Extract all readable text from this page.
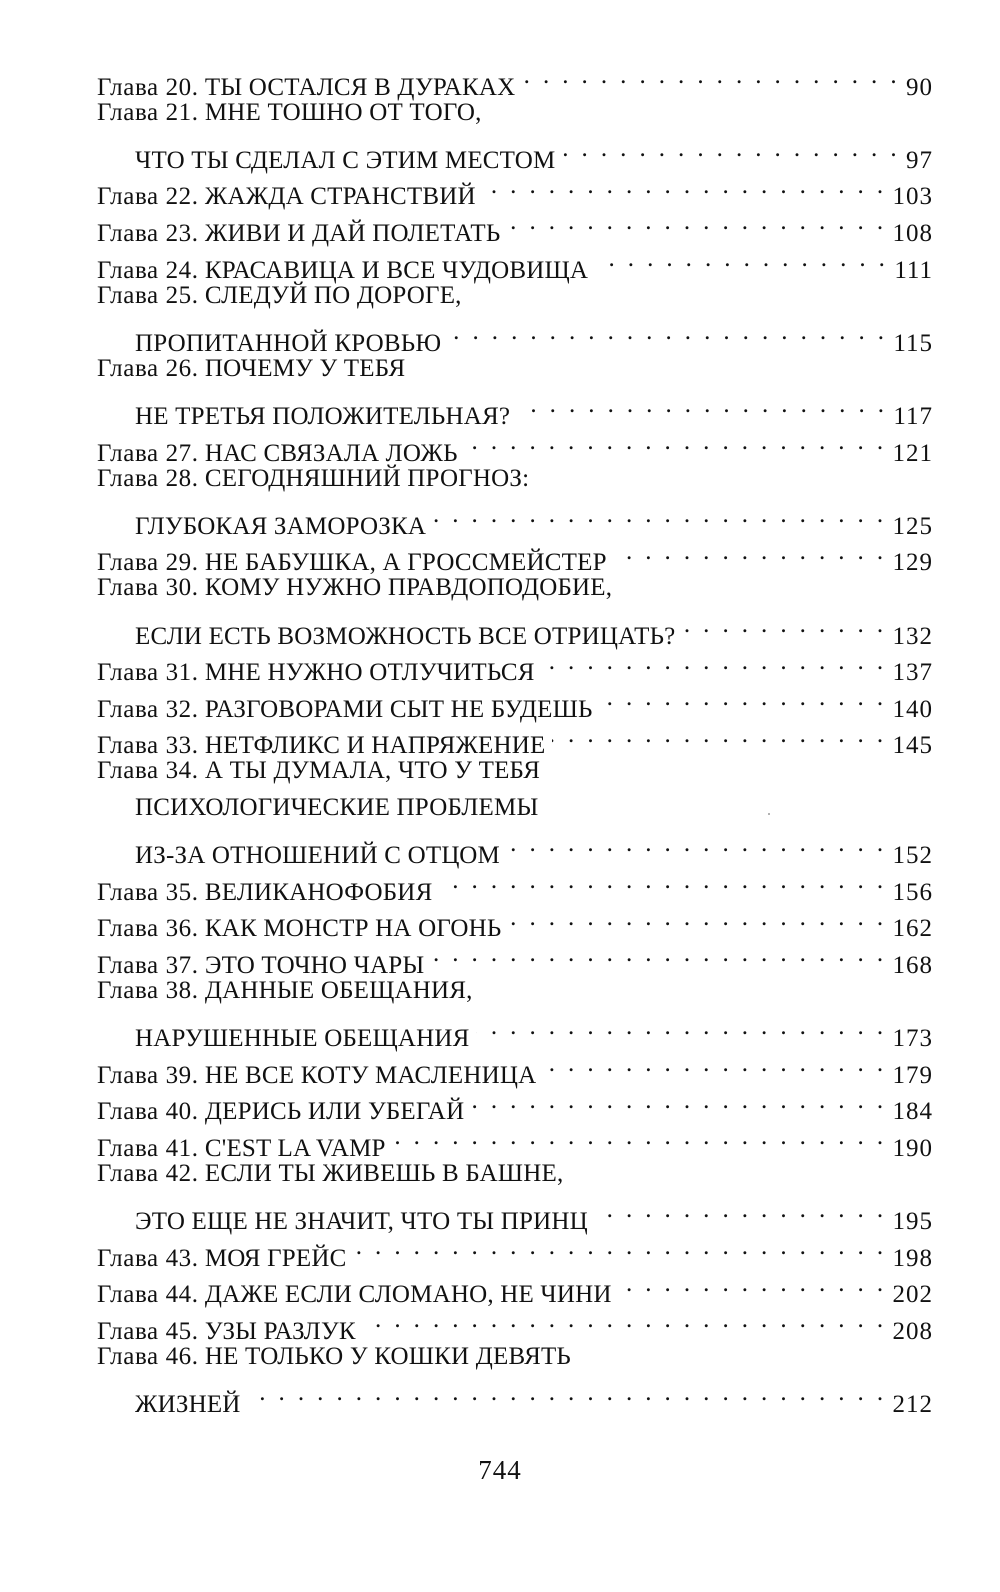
Глава 20.
ТЫ ОСТАЛСЯ В ДУРАКАХ . . .	90
Глава 21.
МНЕ ТОШНО ОТ ТОГО,
ЧТО ТЫ СДЕЛАЛ С ЭТИМ МЕСТОМ . . .	97
Глава 22.
ЖАЖДА СТРАНСТВИЙ . . .	103
Глава 23.
ЖИВИ И ДАЙ ПОЛЕТАТЬ . . .	108
Глава 24.
КРАСАВИЦА И ВСЕ ЧУДОВИЩА . . .	111
Глава 25.
СЛЕДУЙ ПО ДОРОГЕ,
ПРОПИТАННОЙ КРОВЬЮ . . .	115
Глава 26.
ПОЧЕМУ У ТЕБЯ
НЕ ТРЕТЬЯ ПОЛОЖИТЕЛЬНАЯ? . . .	117
Глава 27.
НАС СВЯЗАЛА ЛОЖЬ . . .	121
Глава 28.
СЕГОДНЯШНИЙ ПРОГНОЗ:
ГЛУБОКАЯ ЗАМОРОЗКА . . .	125
Глава 29.
НЕ БАБУШКА, А ГРОССМЕЙСТЕР . . .	129
Глава 30.
КОМУ НУЖНО ПРАВДОПОДОБИЕ,
ЕСЛИ ЕСТЬ ВОЗМОЖНОСТЬ ВСЕ ОТРИЦАТЬ? . . .	132
Глава 31.
МНЕ НУЖНО ОТЛУЧИТЬСЯ . . .	137
Глава 32.
РАЗГОВОРАМИ СЫТ НЕ БУДЕШЬ . . .	140
Глава 33.
НЕТФЛИКС И НАПРЯЖЕНИЕ . . .	145
Глава 34.
А ТЫ ДУМАЛА, ЧТО У ТЕБЯ
ПСИХОЛОГИЧЕСКИЕ ПРОБЛЕМЫ
ИЗ-ЗА ОТНОШЕНИЙ С ОТЦОМ . . .	152
Глава 35.
ВЕЛИКАНОФОБИЯ . . .	156
Глава 36.
КАК МОНСТР НА ОГОНЬ . . .	162
Глава 37.
ЭТО ТОЧНО ЧАРЫ . . .	168
Глава 38.
ДАННЫЕ ОБЕЩАНИЯ,
НАРУШЕННЫЕ ОБЕЩАНИЯ . . .	173
Глава 39.
НЕ ВСЕ КОТУ МАСЛЕНИЦА . . .	179
Глава 40.
ДЕРИСЬ ИЛИ УБЕГАЙ . . .	184
Глава 41.
C'EST LA VAMP . . .	190
Глава 42.
ЕСЛИ ТЫ ЖИВЕШЬ В БАШНЕ,
ЭТО ЕЩЕ НЕ ЗНАЧИТ, ЧТО ТЫ ПРИНЦ . . .	195
Глава 43.
МОЯ ГРЕЙС . . .	198
Глава 44.
ДАЖЕ ЕСЛИ СЛОМАНО, НЕ ЧИНИ . . .	202
Глава 45.
УЗЫ РАЗЛУК . . .	208
Глава 46.
НЕ ТОЛЬКО У КОШКИ ДЕВЯТЬ
ЖИЗНЕЙ . . .	212
744
